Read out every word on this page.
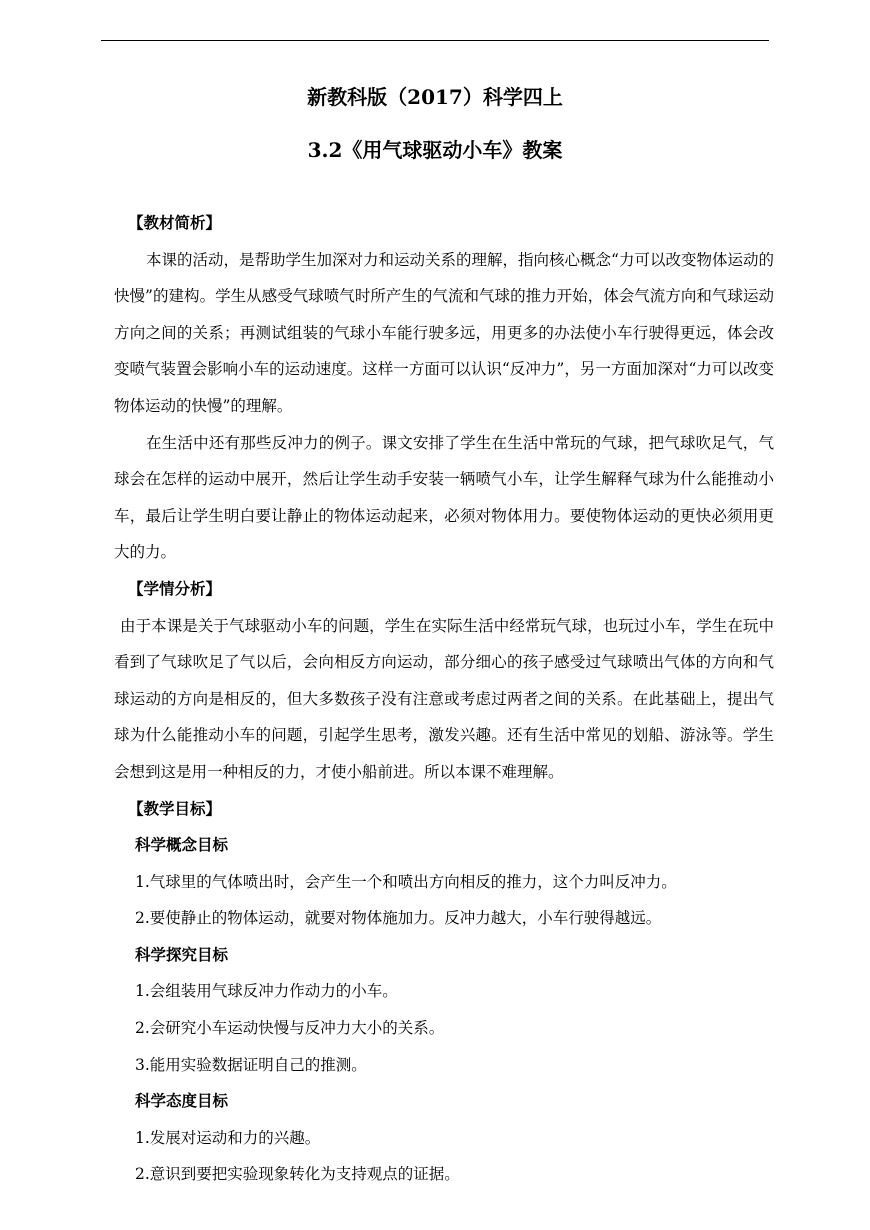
新教科版（2017）科学四上
3.2《用气球驱动小车》教案

【教材简析】

本课的活动，是帮助学生加深对力和运动关系的理解，指向核心概念“力可以改变物体运动的快慢”的建构。学生从感受气球喷气时所产生的气流和气球的推力开始，体会气流方向和气球运动方向之间的关系；再测试组装的气球小车能行驶多远，用更多的办法使小车行驶得更远，体会改变喷气装置会影响小车的运动速度。这样一方面可以认识“反冲力”，另一方面加深对“力可以改变物体运动的快慢”的理解。

在生活中还有那些反冲力的例子。课文安排了学生在生活中常玩的气球，把气球吹足气，气球会在怎样的运动中展开，然后让学生动手安装一辆喷气小车，让学生解释气球为什么能推动小车，最后让学生明白要让静止的物体运动起来，必须对物体用力。要使物体运动的更快必须用更大的力。

【学情分析】

由于本课是关于气球驱动小车的问题，学生在实际生活中经常玩气球，也玩过小车，学生在玩中看到了气球吹足了气以后，会向相反方向运动，部分细心的孩子感受过气球喷出气体的方向和气球运动的方向是相反的，但大多数孩子没有注意或考虑过两者之间的关系。在此基础上，提出气球为什么能推动小车的问题，引起学生思考，激发兴趣。还有生活中常见的划船、游泳等。学生会想到这是用一种相反的力，才使小船前进。所以本课不难理解。

【教学目标】

科学概念目标

1.气球里的气体喷出时，会产生一个和喷出方向相反的推力，这个力叫反冲力。

2.要使静止的物体运动，就要对物体施加力。反冲力越大，小车行驶得越远。

科学探究目标

1.会组装用气球反冲力作动力的小车。

2.会研究小车运动快慢与反冲力大小的关系。

3.能用实验数据证明自己的推测。

科学态度目标

1.发展对运动和力的兴趣。

2.意识到要把实验现象转化为支持观点的证据。
